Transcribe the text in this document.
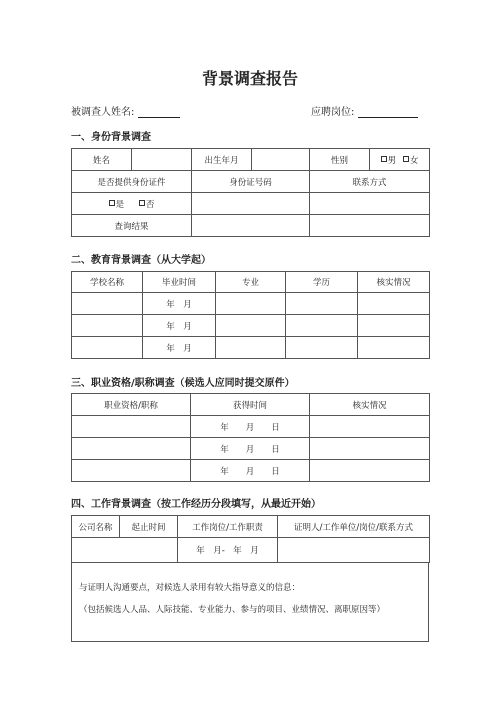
背景调查报告
被调查人姓名:	应聘岗位:
一、身份背景调查
姓名		出生年月		性别	男 女
是否提供身份证件		身份证号码		联系方式	
是 否					
查询结果					
二、教育背景调查（从大学起）
学校名称	毕业时间	专业	学历	核实情况
	年　月			
	年　月			
	年　月			
三、职业资格/职称调查（候选人应同时提交原件）
职业资格/职称	获得时间	核实情况
	年　　月　　日	
	年　　月　　日	
	年　　月　　日	
四、工作背景调查（按工作经历分段填写，从最近开始）
公司名称	起止时间	工作岗位/工作职责	证明人/工作单位/岗位/联系方式
		年　月-　年　月	
与证明人沟通要点，对候选人录用有较大指导意义的信息：
（包括候选人人品、人际技能、专业能力、参与的项目、业绩情况、离职原因等）
